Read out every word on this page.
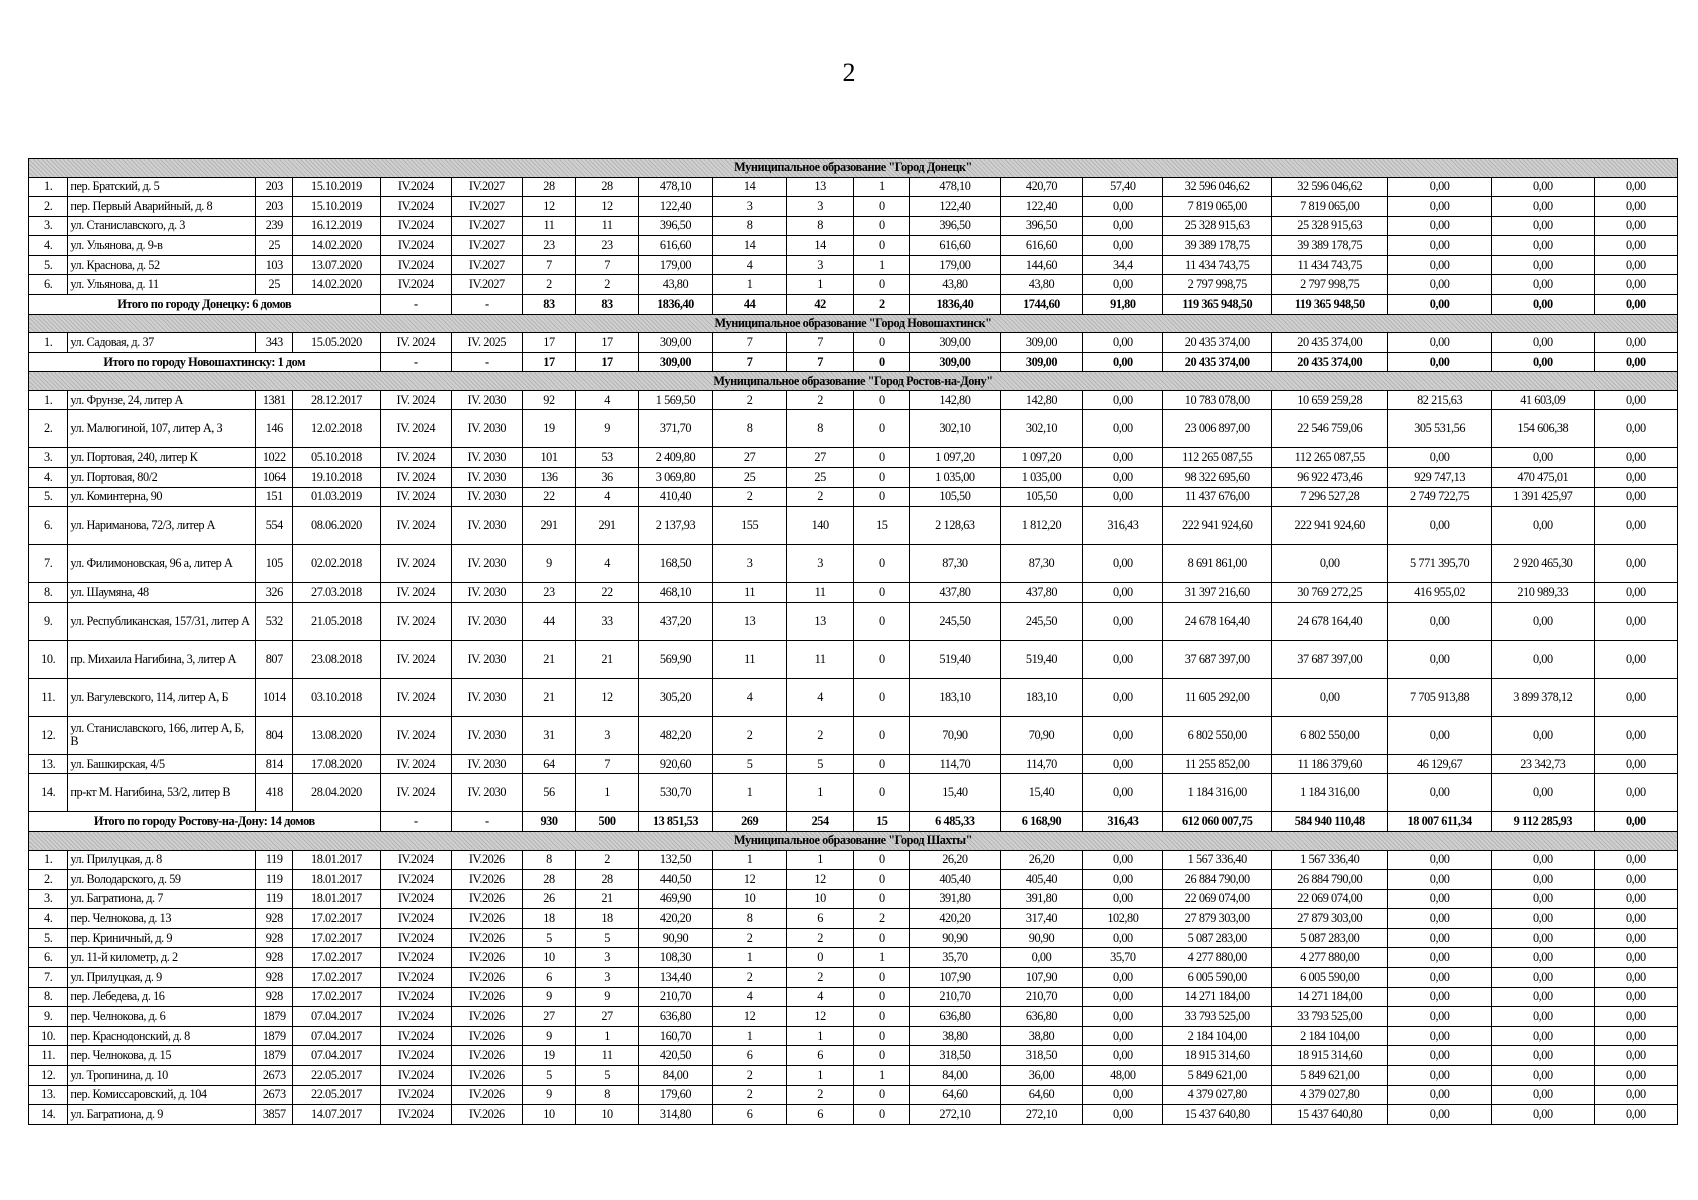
2
Муниципальное образование "Город Донецк"																			
1.	пер. Братский, д. 5	203	15.10.2019	IV.2024	IV.2027	28	28	478,10	14	13	1	478,10	420,70	57,40	32 596 046,62	32 596 046,62	0,00	0,00	0,00
2.	пер. Первый Аварийный, д. 8	203	15.10.2019	IV.2024	IV.2027	12	12	122,40	3	3	0	122,40	122,40	0,00	7 819 065,00	7 819 065,00	0,00	0,00	0,00
3.	ул. Станиславского, д. 3	239	16.12.2019	IV.2024	IV.2027	11	11	396,50	8	8	0	396,50	396,50	0,00	25 328 915,63	25 328 915,63	0,00	0,00	0,00
4.	ул. Ульянова, д. 9-в	25	14.02.2020	IV.2024	IV.2027	23	23	616,60	14	14	0	616,60	616,60	0,00	39 389 178,75	39 389 178,75	0,00	0,00	0,00
5.	ул. Краснова, д. 52	103	13.07.2020	IV.2024	IV.2027	7	7	179,00	4	3	1	179,00	144,60	34,4	11 434 743,75	11 434 743,75	0,00	0,00	0,00
6.	ул. Ульянова, д. 11	25	14.02.2020	IV.2024	IV.2027	2	2	43,80	1	1	0	43,80	43,80	0,00	2 797 998,75	2 797 998,75	0,00	0,00	0,00
Итого по городу Донецку: 6 домов				-	-	83	83	1836,40	44	42	2	1836,40	1744,60	91,80	119 365 948,50	119 365 948,50	0,00	0,00	0,00
Муниципальное образование "Город Новошахтинск"																			
1.	ул. Садовая, д. 37	343	15.05.2020	IV. 2024	IV. 2025	17	17	309,00	7	7	0	309,00	309,00	0,00	20 435 374,00	20 435 374,00	0,00	0,00	0,00
Итого по городу Новошахтинску: 1 дом				-	-	17	17	309,00	7	7	0	309,00	309,00	0,00	20 435 374,00	20 435 374,00	0,00	0,00	0,00
Муниципальное образование "Город Ростов-на-Дону"																			
1.	ул. Фрунзе, 24, литер А	1381	28.12.2017	IV. 2024	IV. 2030	92	4	1 569,50	2	2	0	142,80	142,80	0,00	10 783 078,00	10 659 259,28	82 215,63	41 603,09	0,00
2.	ул. Малюгиной, 107, литер А, З	146	12.02.2018	IV. 2024	IV. 2030	19	9	371,70	8	8	0	302,10	302,10	0,00	23 006 897,00	22 546 759,06	305 531,56	154 606,38	0,00
3.	ул. Портовая, 240, литер К	1022	05.10.2018	IV. 2024	IV. 2030	101	53	2 409,80	27	27	0	1 097,20	1 097,20	0,00	112 265 087,55	112 265 087,55	0,00	0,00	0,00
4.	ул. Портовая, 80/2	1064	19.10.2018	IV. 2024	IV. 2030	136	36	3 069,80	25	25	0	1 035,00	1 035,00	0,00	98 322 695,60	96 922 473,46	929 747,13	470 475,01	0,00
5.	ул. Коминтерна, 90	151	01.03.2019	IV. 2024	IV. 2030	22	4	410,40	2	2	0	105,50	105,50	0,00	11 437 676,00	7 296 527,28	2 749 722,75	1 391 425,97	0,00
6.	ул. Нариманова, 72/3, литер А	554	08.06.2020	IV. 2024	IV. 2030	291	291	2 137,93	155	140	15	2 128,63	1 812,20	316,43	222 941 924,60	222 941 924,60	0,00	0,00	0,00
7.	ул. Филимоновская, 96 а, литер А	105	02.02.2018	IV. 2024	IV. 2030	9	4	168,50	3	3	0	87,30	87,30	0,00	8 691 861,00	0,00	5 771 395,70	2 920 465,30	0,00
8.	ул. Шаумяна, 48	326	27.03.2018	IV. 2024	IV. 2030	23	22	468,10	11	11	0	437,80	437,80	0,00	31 397 216,60	30 769 272,25	416 955,02	210 989,33	0,00
9.	ул. Республиканская, 157/31, литер А	532	21.05.2018	IV. 2024	IV. 2030	44	33	437,20	13	13	0	245,50	245,50	0,00	24 678 164,40	24 678 164,40	0,00	0,00	0,00
10.	пр. Михаила Нагибина, 3, литер А	807	23.08.2018	IV. 2024	IV. 2030	21	21	569,90	11	11	0	519,40	519,40	0,00	37 687 397,00	37 687 397,00	0,00	0,00	0,00
11.	ул. Вагулевского, 114, литер А, Б	1014	03.10.2018	IV. 2024	IV. 2030	21	12	305,20	4	4	0	183,10	183,10	0,00	11 605 292,00	0,00	7 705 913,88	3 899 378,12	0,00
12.	ул. Станиславского, 166, литер А, Б, В	804	13.08.2020	IV. 2024	IV. 2030	31	3	482,20	2	2	0	70,90	70,90	0,00	6 802 550,00	6 802 550,00	0,00	0,00	0,00
13.	ул. Башкирская, 4/5	814	17.08.2020	IV. 2024	IV. 2030	64	7	920,60	5	5	0	114,70	114,70	0,00	11 255 852,00	11 186 379,60	46 129,67	23 342,73	0,00
14.	пр-кт М. Нагибина, 53/2, литер В	418	28.04.2020	IV. 2024	IV. 2030	56	1	530,70	1	1	0	15,40	15,40	0,00	1 184 316,00	1 184 316,00	0,00	0,00	0,00
Итого по городу Ростову-на-Дону: 14 домов				-	-	930	500	13 851,53	269	254	15	6 485,33	6 168,90	316,43	612 060 007,75	584 940 110,48	18 007 611,34	9 112 285,93	0,00
Муниципальное образование "Город Шахты"																			
1.	ул. Прилуцкая, д. 8	119	18.01.2017	IV.2024	IV.2026	8	2	132,50	1	1	0	26,20	26,20	0,00	1 567 336,40	1 567 336,40	0,00	0,00	0,00
2.	ул. Володарского, д. 59	119	18.01.2017	IV.2024	IV.2026	28	28	440,50	12	12	0	405,40	405,40	0,00	26 884 790,00	26 884 790,00	0,00	0,00	0,00
3.	ул. Багратиона, д. 7	119	18.01.2017	IV.2024	IV.2026	26	21	469,90	10	10	0	391,80	391,80	0,00	22 069 074,00	22 069 074,00	0,00	0,00	0,00
4.	пер. Челнокова, д. 13	928	17.02.2017	IV.2024	IV.2026	18	18	420,20	8	6	2	420,20	317,40	102,80	27 879 303,00	27 879 303,00	0,00	0,00	0,00
5.	пер. Криничный, д. 9	928	17.02.2017	IV.2024	IV.2026	5	5	90,90	2	2	0	90,90	90,90	0,00	5 087 283,00	5 087 283,00	0,00	0,00	0,00
6.	ул. 11-й километр, д. 2	928	17.02.2017	IV.2024	IV.2026	10	3	108,30	1	0	1	35,70	0,00	35,70	4 277 880,00	4 277 880,00	0,00	0,00	0,00
7.	ул. Прилуцкая, д. 9	928	17.02.2017	IV.2024	IV.2026	6	3	134,40	2	2	0	107,90	107,90	0,00	6 005 590,00	6 005 590,00	0,00	0,00	0,00
8.	пер. Лебедева, д. 16	928	17.02.2017	IV.2024	IV.2026	9	9	210,70	4	4	0	210,70	210,70	0,00	14 271 184,00	14 271 184,00	0,00	0,00	0,00
9.	пер. Челнокова, д. 6	1879	07.04.2017	IV.2024	IV.2026	27	27	636,80	12	12	0	636,80	636,80	0,00	33 793 525,00	33 793 525,00	0,00	0,00	0,00
10.	пер. Краснодонский, д. 8	1879	07.04.2017	IV.2024	IV.2026	9	1	160,70	1	1	0	38,80	38,80	0,00	2 184 104,00	2 184 104,00	0,00	0,00	0,00
11.	пер. Челнокова, д. 15	1879	07.04.2017	IV.2024	IV.2026	19	11	420,50	6	6	0	318,50	318,50	0,00	18 915 314,60	18 915 314,60	0,00	0,00	0,00
12.	ул. Тропинина, д. 10	2673	22.05.2017	IV.2024	IV.2026	5	5	84,00	2	1	1	84,00	36,00	48,00	5 849 621,00	5 849 621,00	0,00	0,00	0,00
13.	пер. Комиссаровский, д. 104	2673	22.05.2017	IV.2024	IV.2026	9	8	179,60	2	2	0	64,60	64,60	0,00	4 379 027,80	4 379 027,80	0,00	0,00	0,00
14.	ул. Багратиона, д. 9	3857	14.07.2017	IV.2024	IV.2026	10	10	314,80	6	6	0	272,10	272,10	0,00	15 437 640,80	15 437 640,80	0,00	0,00	0,00
